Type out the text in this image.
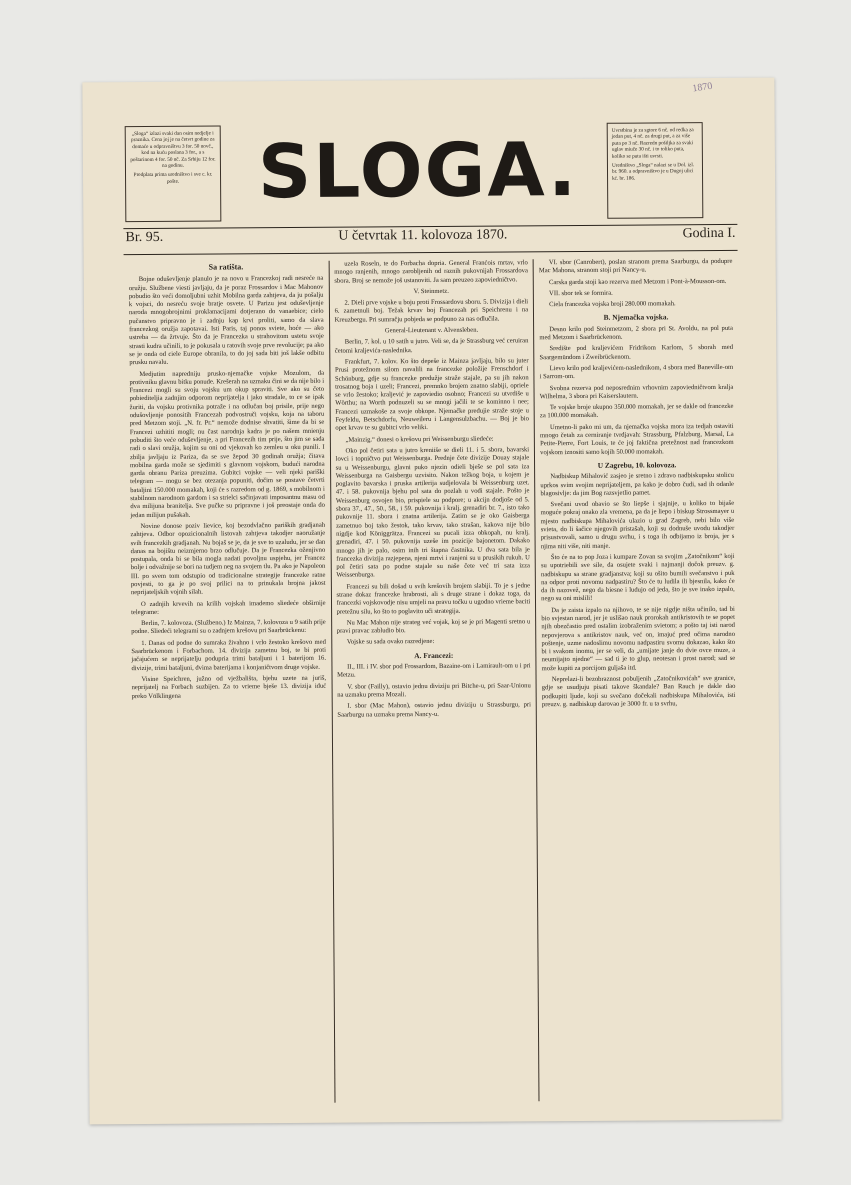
1870

„Sloga“ izlazi svaki dan osim nedjelje i praznika. Cena joj je na četvrt godine za domaće u odpravništvu 3 for. 50 novč., kod na kuću poslana 3 for., a s poštarinom 4 for. 50 nč. Za Srbiju 12 for. na godinu.

Predplata prima uredništvo i sve c. kr. pošte.	SLOGA.	Uvrstbina je za sgtore 6 nč. od redka za jedan put, 4 nč. za drugi put, a za više puta po 3 nč. Razredn pošiljka za svaki uglav miuče 30 nč. i to toliko puta, koliko se puta išti uvrsti.

Uredništvo „Sloga“ nalazi se u Dol. izl. br. 960. a odpravništvo je u Dugoj ulici kć. br. 186.

Br. 95.	U četvrtak 11. kolovoza 1870.	Godina I.
Sa ratišta.

Bojne oduševljenje planulo je na novo u Francezkoj radi nesreće na oružju. Službene viesti javljaju, da je poraz Frossardov i Mac Mahonov pobudio što veći domoljubni uzhit Mobilna garda zahtjeva, da ju pošalju k vojsci, do nesreću svoje bratje osvete. U Parizu jest oduševljenje naroda mnogobrojnimi proklamacijami dotjerano do vanaebice; cielo pučanstvo pripravno je i zadnju kap krvi proliti, samo da slava francezkog oružja zapotavai. Isti Paris, taj ponos sviete, hoće — ako ustreba — da žrtvuje. Što da je Francezka u strahovitom ustetu svoje strasti kudra učinili, to je pokusala u ratovih svoje prve revolucije; pa ako se je onda od ciele Europe obranila, to do joj sada biti još lakše odbitu prusku navalu.

Medjutim napredniju prusko-njemačke vojske Mozulom, da protivniku glavnu bitku ponude. Krešerah na uzmaku čini se da nije bilo i Francezi mogli su svoju vojsku um okup spraviti. Sve ako su četo pobiediteljia zadnjim odporom neprijatelja i jako stradale, to ce se ipak žuriti, da vojsku protivnika potraže i na odlučan boj prisile, prije nego odušovljenje ponositih Francezah podvostruči vojsku, koja na taboru pred Metzom stoji. „N. fr. Pr.“ nemože dodnise shvatiti, šime da bi se Francezi uzhititi mogli; nu čast narodnja kadra je po našem mnienju pobuditi što veće oduševljenje, a pri Francezih tim prije, što jim se sada radi o slavi oružja, kojim su oni od vjekovah ko zemleu u oku punili. I zbilja javljaju iz Pariza, da se sve žepod 30 godinah oružja; čitava mobilna garda može se sjedimiti s glavnom vojskom, budući narodna garda obranu Pariza preuzima. Gubitci vojske — veli njeki pariški telegram — mogu se bez otezanja popuniti, dočim se postave četvrti bataljini 150.000 momakah, koji će s razredom od g. 1869, s mobilnom i stabilnom narodnom gardom i sa strielci sačinjavati imposantnu masu od dva milijuna branitelja. Sve pučke su pripravne i još preostaje onda do jedan milijun pušakah.

Novine donose poziv lievice, koj bezodvlačno pariških gradjanah zahtjeva. Odbor opozicionalnih listovah zahtjeva takodjer naoružanje svih francezkih gradjanah. Nu bojaš se je, da je sve to uzaludu, jer se dan danas na bojištu neizmjerno brzo odlučuje. Da je Francezka oženjivno postupala, onda bi se bila mogla nadati povoljnu uspjehu, jer Francez bolje i odvažnije se bori na tudjem neg na svojem tlu. Pa ako je Napoleon III. po svem tom odstupio od tradicionalne strategije francezke ratne povjesti, to ga je po svoj prilici na to prinukala brojna jakost neprijateljskih vojnih silah.

O zadnjih krvevih na krilih vojskah imademo sliedeće obširnije telegrame:

Berlin, 7. kolovoza. (Službeno.) Iz Mainza, 7. kolovoza u 9 satih prije podne. Sliedeći telegrami su o zadnjem krešovu pri Saarbrückenu:

1. Danas od podne do sumraka živahno i vrlo žestoko krešovo med Saarbrückenom i Forbachom. 14. divizija zametnu boj, te bi proti jačajućem se neprijatelju podupria trimi bataljuni i 1 baterijom 16. divizije, trimi bataljuni, dvima baterijama i konjaničtvom druge vojske.

Visine Speichren, južno od vježbališta, bjehu uzete na juriš, neprijatelj na Forbach suzbijen. Za to vrieme bješe 13. divizija iduć preko Völklingena

uzela Roseln, te do Forbacha dopria. General Franćois mrtav, vrlo mnogo ranjenih, mnogo zarobljenih od raznih pukovnijah Frossardova sbora. Broj se nemože još ustanoviti. Ja sam preuzeo zapoviedničtvo.

V. Steinmetz.

2. Dieli prve vojske u boju proti Frossardovu sboru. 5. Divizija i dieli 6. zametnuli boj. Težak krvav boj Francezah pri Speichrenu i na Kreuzbergu. Pri sumračju pobjeda se podpuno za nas odlučila.

General-Lieutenant v. Alvensleben.

Berlin, 7. kol. u 10 satih u jutro. Veli se, da je Strassburg već ceruiran četomi kraljevića-naslednika.

Frankfurt, 7. kolov. Ko što depeše iz Mainza javljaju, bilo su juter Prusi protežnom silom navalili na francezke položije Frenschdorf i Schönburg, gdje su francezke predužje straže stajale, pa su jih nakon trosatnog boja i uzeli; Francezi, premnko brojem znatno slabiji, opriele se vrlo žestoko; kraljević je zapoviedio osobno; Francezi su utvrdiše u Wörthu; na Worth podnuzeli su se mnogi jačili te se kominno i nee; Francezi uzmakoše za svoje obkope. Njemačke predujie straže stoje u Feyfeldu, Betschdorfu, Neuweileru i Langensulzbachu. — Boj je bio opet krvav te su gubitci vrlo veliki.

„Mainzig.“ donesi o krešovu pri Weissenburgu sliedeće:

Oko pol četiri sata u jutro kreniiše se dieli 11. i 5. sbora, bavarski lovci i topničtvo put Weissenburga. Prednje čete divizije Douay stajale su u Weissenburgu, glavni puko njezin odieli bješe se pol sata iza Weissenburga na Gaisbergu uzvisito. Nakon težkog boja, u kojem je poglavito bavarska i pruska artilerija sudjelovala bi Weissenburg uzet. 47. i 58. pukovnija bjehu pol sata do pozlah u vodi stajale. Pošto je Weissenburg osvojen bio, prispiele su podpore; u akcijn dodjoše od 5. sbora 37., 47., 50., 58., i 59. pukovnija i kralj. grenadiri br. 7., isto tako pukovnije 11. sbora i znatna artilerija. Zatim se je oko Gaisberga zametnuo boj tako žestok, tako krvav, tako strašan, kakova nije bilo nigdje kod Königgrätza. Francezi su pucali izza obkopah, nu kralj. grenadiri, 47. i 50. pukovnija uzeše im pozicije bajonetom. Dakako mnogo jih je palo, osim inih tri štapna častnika. U dva sata bila je francezka divizija razjepena, njeni mrtvi i ranjeni su u prusikih rukuh. U pol četiri sata po podne stajale su naše čete već tri sata izza Weissenburga.

Francezi su bili došad u svih krešovih brojem slabiji. To je s jedne strane dokaz francezke hrabrosti, ali s druge strane i dokaz toga, da francezki vojskovodje nisu umjeli na pravu točku u ugodno vrieme baciti pretežnu silu, ko što to poglavito uči strategija.

Nu Mac Mahon nije strateg već vojak, koj se je pri Magenti sretno u pravi pravac zabludio bio.

Vojske su sada ovako razredjene:

A. Francezi:

II., III. i IV. sbor pod Frossardom, Bazaine-om i Lamirault-om u i pri Metzu.

V. sbor (Failly), ostavio jednu diviziju pri Bitche-u, pri Saar-Unionu na uzmaku prema Mozali.

I. sbor (Mac Mahon), ostavio jednu diviziju u Strassburgu, pri Saarburgu na uzmaku prema Nancy-u.

VI. sbor (Canrobert), poslan stranom prema Saarburgu, da podupre Mac Mahona, stranom stoji pri Nancy-u.

Carska garda stoji kao rezerva med Metzom i Pont-à-Mousson-om.

VII. sbor tek se formira.

Ciela francezka vojska broji 280.000 momakah.

B. Njemačka vojska.

Desno krilo pod Steinmetzom, 2 sbora pri St. Avoldu, na pol puta med Metzom i Saarbrückenom.

Središte pod kraljevićem Fridrikom Karlom, 5 sborah med Saargemündom i Zweibrückenom.

Lievo krilo pod kraljevićem-naslednikom, 4 sbora med Baneville-om i Sarrom-om.

Svobna rezerva pod neposrednim vrhovnim zapoviedničtvom kralja Wilhelma, 3 sbora pri Kaiserslautern.

Te vojske broje ukupno 350.000 momakah, jer se dakle od francezke za 100.000 momakah.

Umetno-li pako mi um, da njemačka vojska mora iza tedjah ostaviti mnogo četah za cerniranje tvrdjavah: Strassburg, Pfalzburg, Marsal, La Petite-Pierre, Fort Louis, te će joj faktična pretežnost nad francezkom vojskom iznositi samo kojih 50.000 momakah.

U Zagrebu, 10. kolovoza.

Nadbiskup Mihalović zasjeo je sretno i zdravo nadbiskupsku stolicu uprkos svim svojim neprijateljem, pa kako je dobro čudi, sad ih odanle blagosivlje: da jim Bog razsvjetlio pamet.

Svečani uvod obavio se što liepše i sjajnije, u koliko to bijaše moguće pokraj onako zla vremena, pa da je liepo i biskup Strossmayer u mjesto nadbiskupa Mihalovića ulazio u grad Zagreb, nebi bilo više svieta, do li šačice njegovih pristašah, koji su dodnuše uvodu takodjer prisustvovali, samo u drugu svrhu, i s toga ih odbijamo iz broja, jer s njima niti više, niti manje.

Što će na to pop Joza i kumpare Zovan sa svojim „Zatočnikom“ koji su upotriebili sve sile, da osujete svaki i najmanji dočok preuzv. g. nadbiskupu sa strane gradjanstva; koji su ošito bumili svečanstvo i puk na odpor proti novomu nadpastiru? Što će tu ludila ili bjesnila, kako će da ih nazovež, nego da biesne i ludujo od jeda, što je sve inako izpalo, nego su oni mislili!

Da je zaista izpalo na njihovo, te se nije nigdje ništa učinilo, tad bi bio svjestan narod, jer je uslišao nauk prorokah antikristovih te se popet njih obezčastio pred ostalim izobraženim svietom; a pošto taj isti narod nepovjerova s antikristov nauk, već on, imajuć pred očima narodno poštenje, uzme nadoslimu novomu nadpastiru svomu dokazao, kako što bi i svakom inomu, jer se veli, da „umijate janje do dvie ovce muze, a neumijajto njedne“ — sad ti je to glup, neotesan i prost narod; sad se može kupiti za porcijom guljaša itd.

Neprelazi-li bezobraznost pobuljenih „Zatočnikovićah“ sve granice, gdje se usudjuju pisati takove škandale? Ban Rauch je dakle dao podkupiti ljude, koji su svečano dočekali nadbiskupa Mihalovića, isti preuzv. g. nadbiskup darovao je 3000 fr. u ta svrhu,
